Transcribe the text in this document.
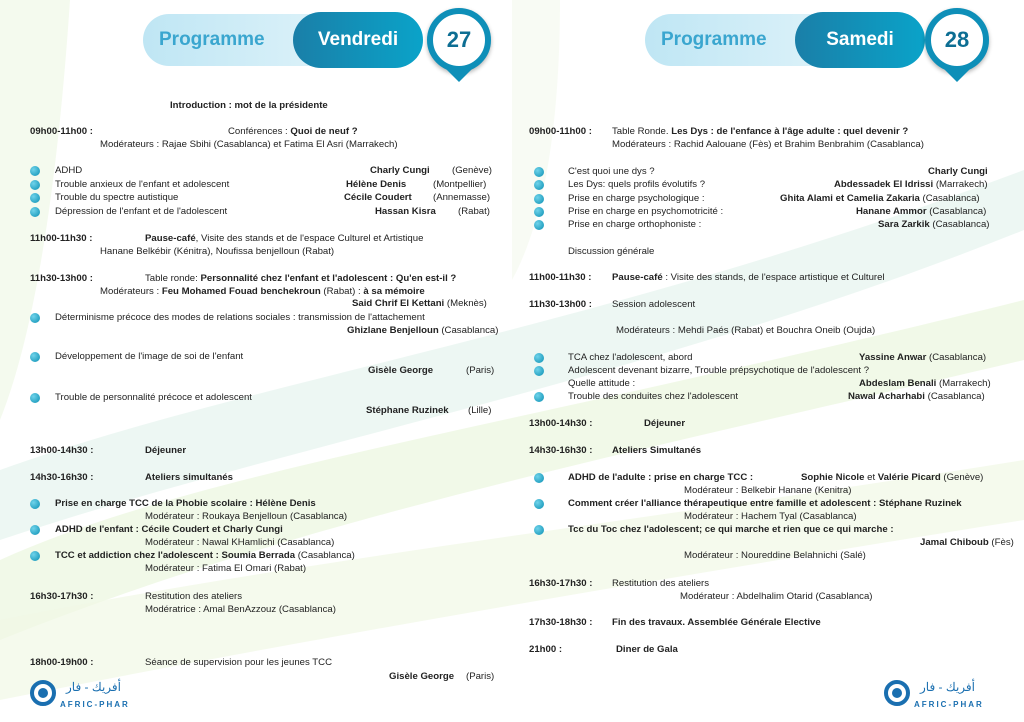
Programme	Vendredi	27
Introduction : mot de la présidente
09h00-11h00 :	Conférences : Quoi de neuf ?
Modérateurs : Rajae Sbihi (Casablanca) et Fatima El Asri (Marrakech)
ADHD	Charly Cungi (Genève)
Trouble anxieux de l'enfant et adolescent	Hélène Denis	(Montpellier)
Trouble du spectre autistique	Cécile Coudert (Annemasse)
Dépression de l'enfant et de l'adolescent	Hassan Kisra (Rabat)
11h00-11h30 :	Pause-café, Visite des stands et de l'espace Culturel et Artistique
Hanane Belkébir (Kénitra), Noufissa benjelloun (Rabat)
11h30-13h00 :	Table ronde: Personnalité chez l'enfant et l'adolescent : Qu'en est-il ?
Modérateurs : Feu Mohamed Fouad benchekroun (Rabat) : à sa mémoire
Said Chrif El Kettani (Meknès)
Déterminisme précoce des modes de relations sociales : transmission de l'attachement
Ghizlane Benjelloun (Casablanca)
Développement de l'image de soi de l'enfant
Gisèle George	(Paris)
Trouble de personnalité précoce et adolescent
Stéphane Ruzinek (Lille)
13h00-14h30 :	Déjeuner
14h30-16h30 :	Ateliers simultanés
Prise en charge TCC de la Phobie scolaire : Hélène Denis
Modérateur : Roukaya Benjelloun (Casablanca)
ADHD de l'enfant : Cécile Coudert et Charly Cungi
Modérateur : Nawal KHamlichi (Casablanca)
TCC et addiction chez l'adolescent : Soumia Berrada (Casablanca)
Modérateur : Fatima El Omari (Rabat)
16h30-17h30 :	Restitution des ateliers
Modératrice : Amal BenAzzouz (Casablanca)
18h00-19h00 :	Séance de supervision pour les jeunes TCC
Gisèle George (Paris)
أفريك - فار
AFRIC-PHAR
Programme	Samedi	28
09h00-11h00 : Table Ronde. Les Dys : de l'enfance à l'âge adulte : quel devenir ?
Modérateurs : Rachid Aalouane (Fès) et Brahim Benbrahim (Casablanca)
C'est quoi une dys ?	Charly Cungi
Les Dys: quels profils évolutifs ?	Abdessadek El Idrissi (Marrakech)
Prise en charge psychologique :	Ghita Alami et Camelia Zakaria (Casablanca)
Prise en charge en psychomotricité :	Hanane Ammor (Casablanca)
Prise en charge orthophoniste :	Sara Zarkik (Casablanca)
Discussion générale
11h00-11h30 : Pause-café : Visite des stands, de l'espace artistique et Culturel
11h30-13h00 : Session adolescent
Modérateurs : Mehdi Paés (Rabat) et Bouchra Oneib (Oujda)
TCA chez l'adolescent, abord	Yassine Anwar (Casablanca)
Adolescent devenant bizarre, Trouble prépsychotique de l'adolescent ?
Quelle attitude :	Abdeslam Benali (Marrakech)
Trouble des conduites chez l'adolescent	Nawal Acharhabi (Casablanca)
13h00-14h30 :	Déjeuner
14h30-16h30 : Ateliers Simultanés
ADHD de l'adulte : prise en charge TCC :	Sophie Nicole et Valérie Picard (Genève)
Modérateur : Belkebir Hanane (Kenitra)
Comment créer l'alliance thérapeutique entre famille et adolescent : Stéphane Ruzinek
Modérateur : Hachem Tyal (Casablanca)
Tcc du Toc chez l'adolescent; ce qui marche et rien que ce qui marche :
Jamal Chiboub (Fès)
Modérateur : Noureddine Belahnichi (Salé)
16h30-17h30 : Restitution des ateliers
Modérateur : Abdelhalim Otarid (Casablanca)
17h30-18h30 : Fin des travaux. Assemblée Générale Elective
21h00 :	Diner de Gala
أفريك - فار
AFRIC-PHAR
